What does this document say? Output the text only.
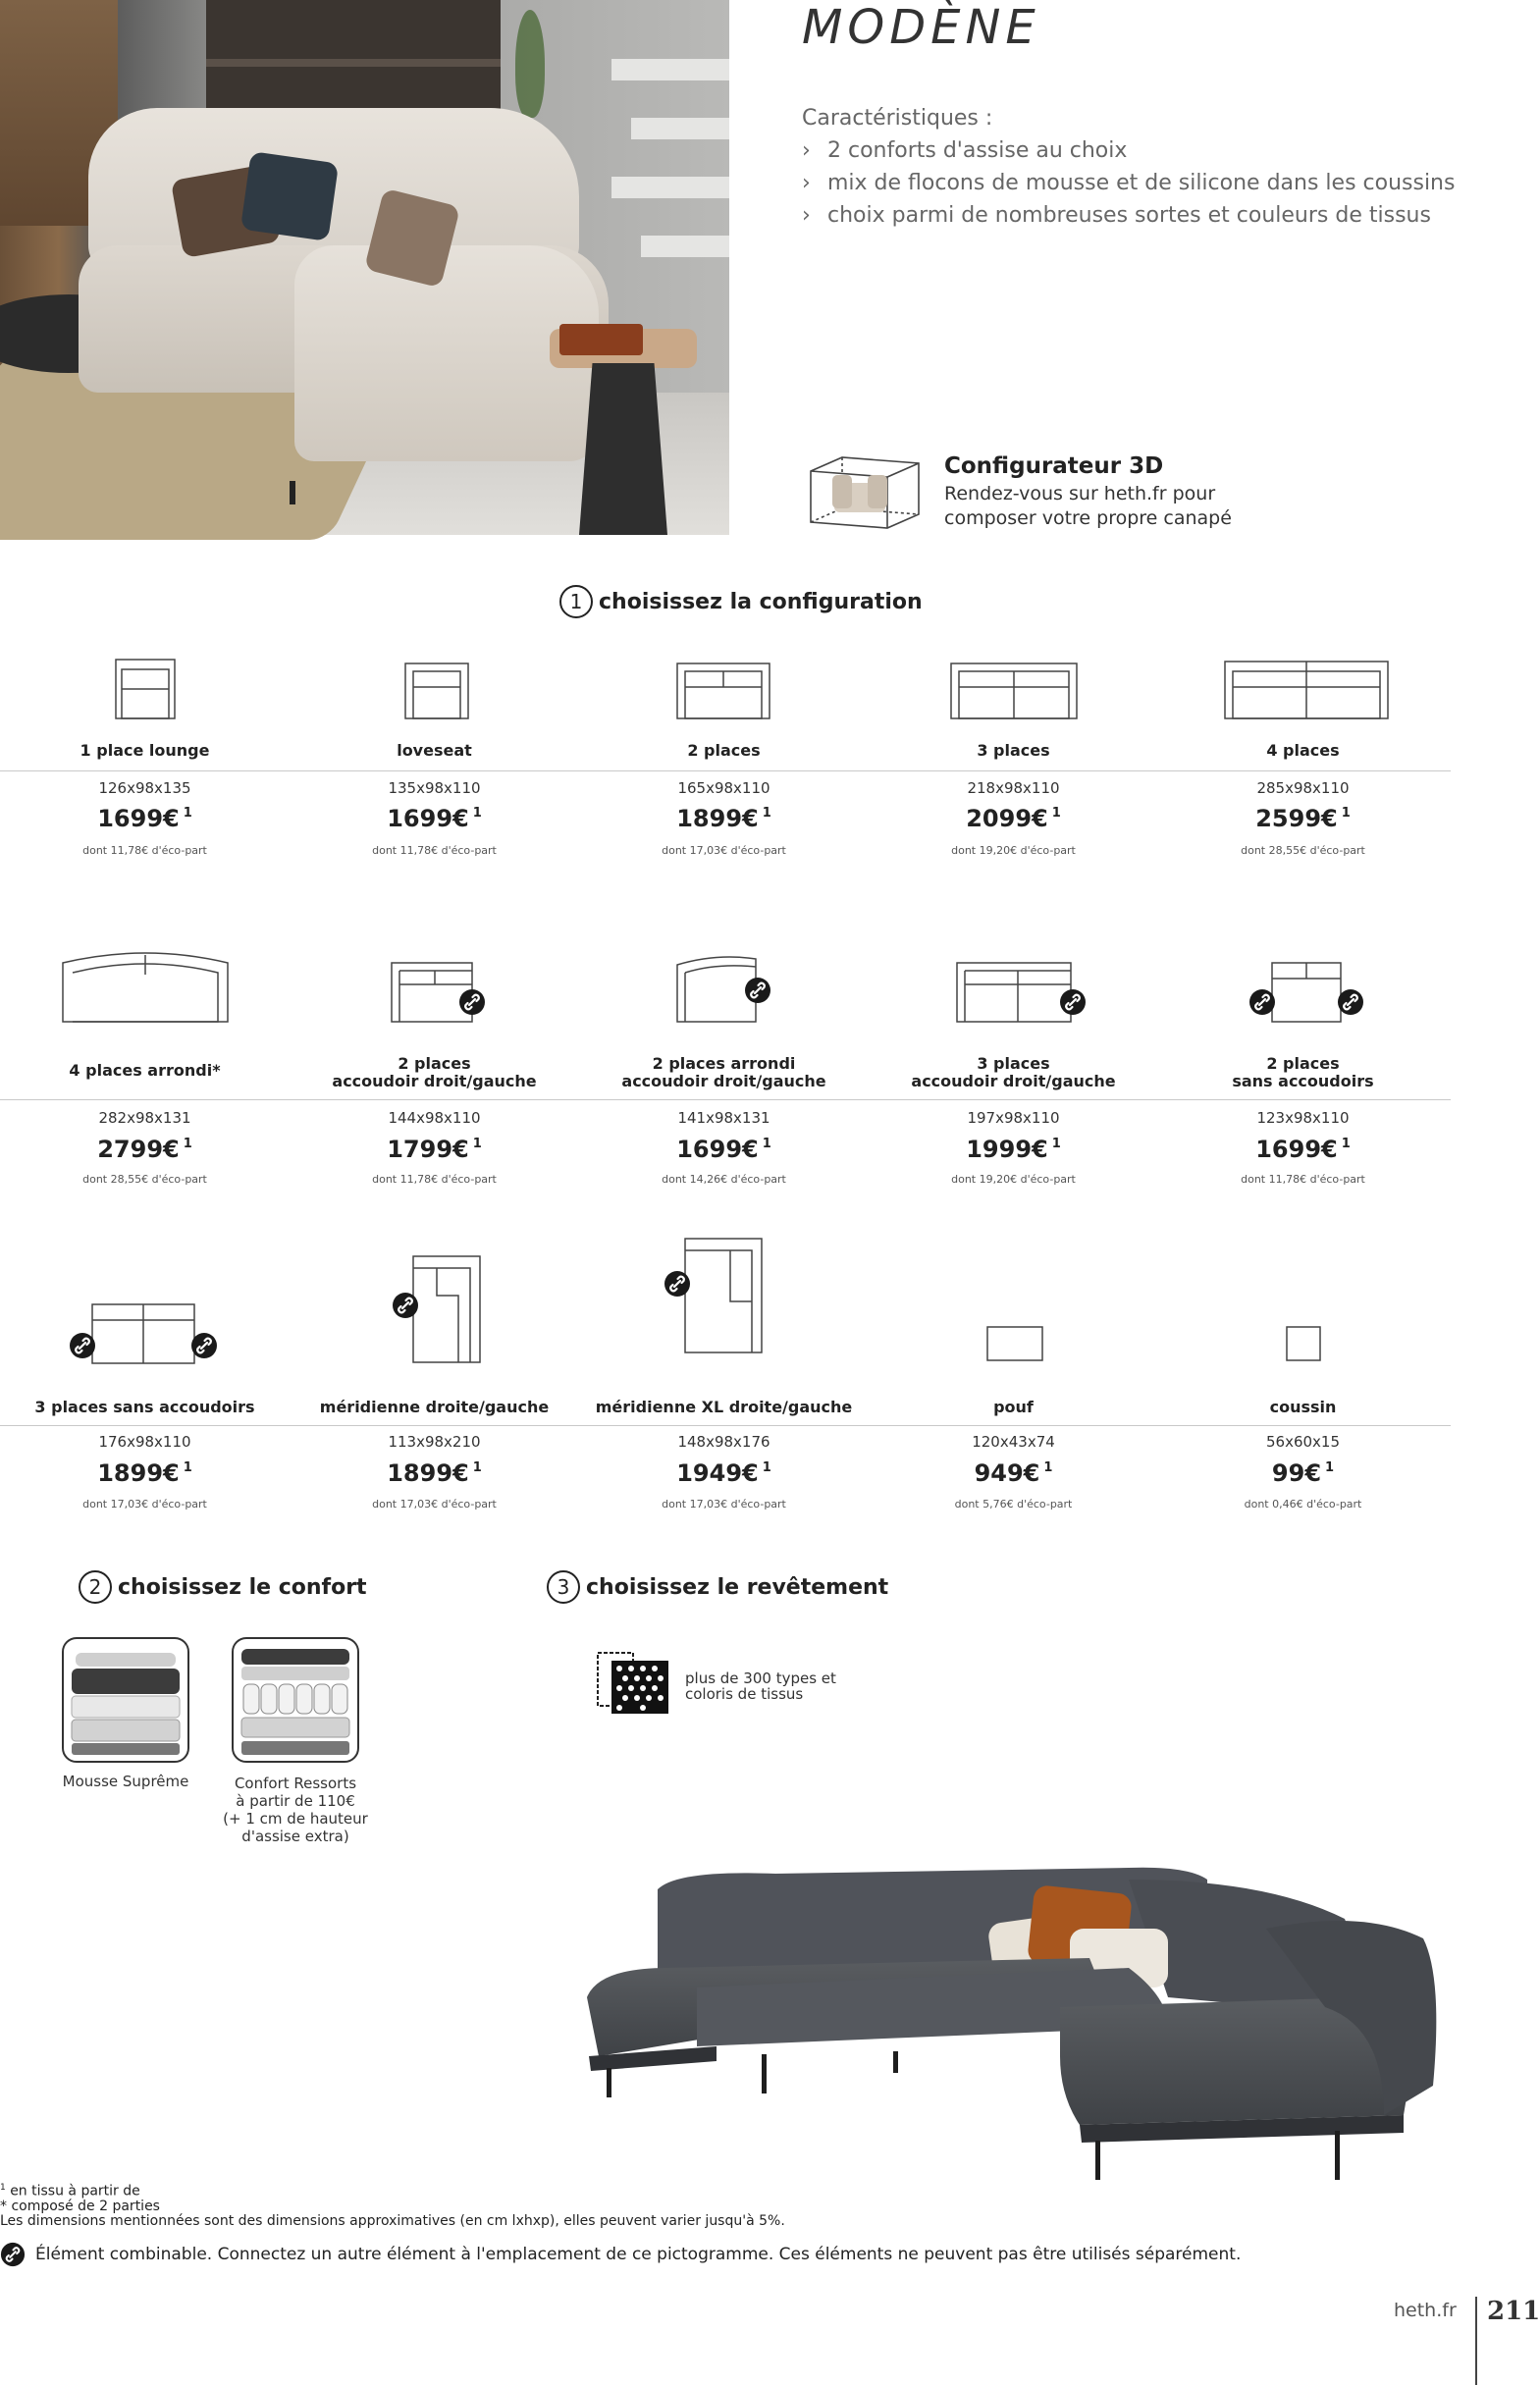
MODÈNE
Caractéristiques :
› 2 conforts d'assise au choix
› mix de flocons de mousse et de silicone dans les coussins
› choix parmi de nombreuses sortes et couleurs de tissus
Configurateur 3D
Rendez-vous sur heth.fr pour composer votre propre canapé
1 choisissez la configuration
1 place lounge
126x98x135
1699€ $^1$
dont 11,78€ d'éco-part
loveseat
135x98x110
1699€ $^1$
dont 11,78€ d'éco-part
2 places
165x98x110
1899€ $^1$
dont 17,03€ d'éco-part
3 places
218x98x110
2099€ $^1$
dont 19,20€ d'éco-part
4 places
285x98x110
2599€ $^1$
dont 28,55€ d'éco-part
4 places arrondi*
282x98x131
2799€ $^1$
dont 28,55€ d'éco-part
2 places
accoudoir droit/gauche
144x98x110
1799€ $^1$
dont 11,78€ d'éco-part
2 places arrondi
accoudoir droit/gauche
141x98x131
1699€ $^1$
dont 14,26€ d'éco-part
3 places
accoudoir droit/gauche
197x98x110
1999€ $^1$
dont 19,20€ d'éco-part
2 places
sans accoudoirs
123x98x110
1699€ $^1$
dont 11,78€ d'éco-part
3 places sans accoudoirs
176x98x110
1899€ $^1$
dont 17,03€ d'éco-part
méridienne droite/gauche
113x98x210
1899€ $^1$
dont 17,03€ d'éco-part
méridienne XL droite/gauche
148x98x176
1949€ $^1$
dont 17,03€ d'éco-part
pouf
120x43x74
949€ $^1$
dont 5,76€ d'éco-part
coussin
56x60x15
99€ $^1$
dont 0,46€ d'éco-part
2 choisissez le confort
Mousse Suprême	Confort Ressorts
à partir de 110€
(+ 1 cm de hauteur
d'assise extra)
3 choisissez le revêtement
plus de 300 types et
coloris de tissus
$^1$ en tissu à partir de
* composé de 2 parties
Les dimensions mentionnées sont des dimensions approximatives (en cm lxhxp), elles peuvent varier jusqu'à 5%.
Élément combinable. Connectez un autre élément à l'emplacement de ce pictogramme. Ces éléments ne peuvent pas être utilisés séparément.
heth.fr 211
